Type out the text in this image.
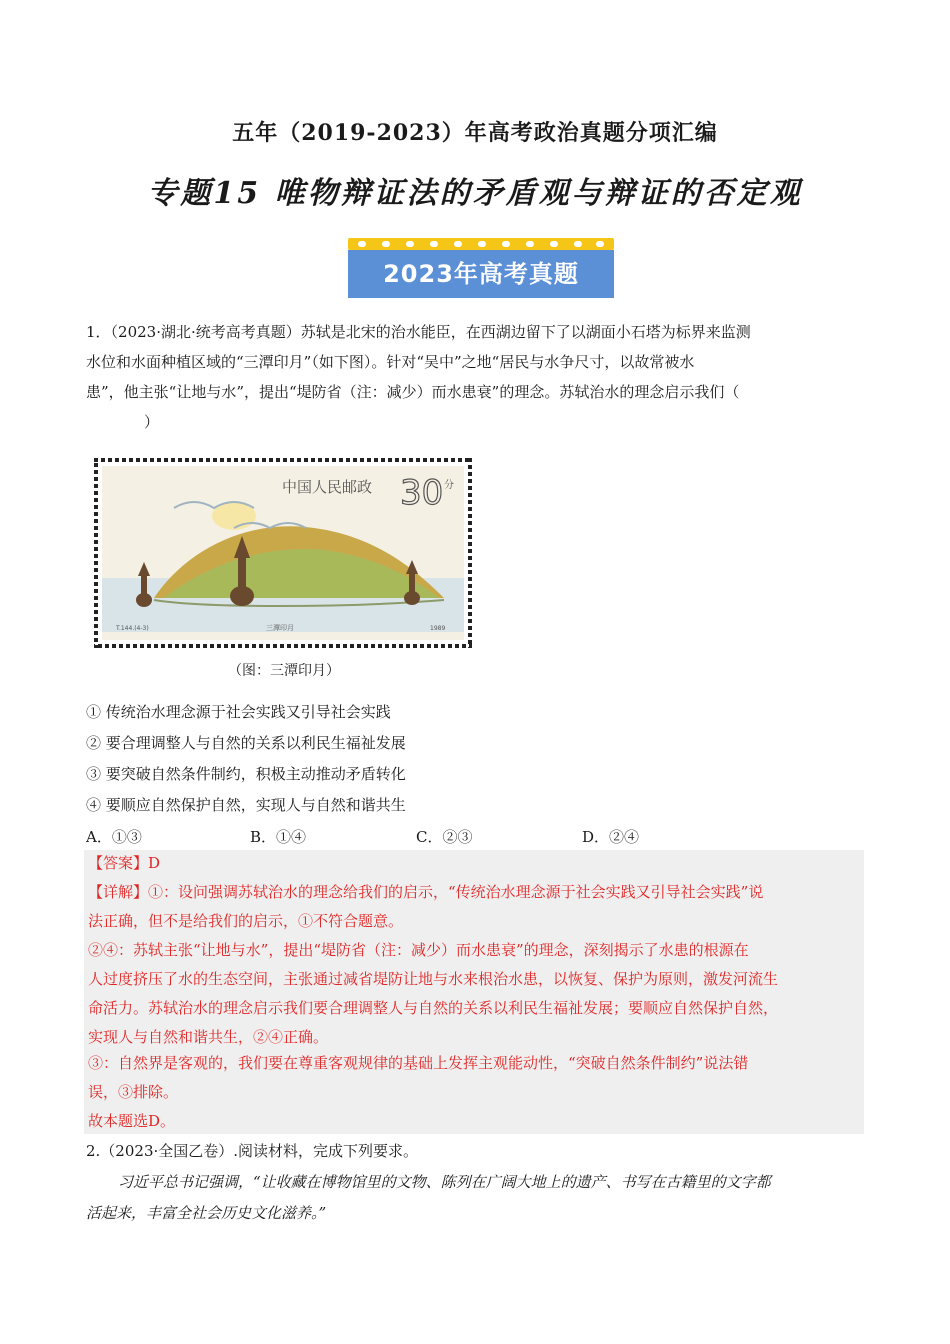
五年（2019-2023）年高考政治真题分项汇编
专题15 唯物辩证法的矛盾观与辩证的否定观
2023年高考真题
1．（2023·湖北·统考高考真题）苏轼是北宋的治水能臣，在西湖边留下了以湖面小石塔为标界来监测
水位和水面种植区域的“三潭印月”（如下图）。针对“吴中”之地“居民与水争尺寸，以故常被水
患”，他主张“让地与水”，提出“堤防省（注：减少）而水患衰”的理念。苏轼治水的理念启示我们（
）
中国人民邮政 30 分
T.144.(4-3)	三潭印月	1989
（图：三潭印月）
① 传统治水理念源于社会实践又引导社会实践
② 要合理调整人与自然的关系以利民生福祉发展
③ 要突破自然条件制约，积极主动推动矛盾转化
④ 要顺应自然保护自然，实现人与自然和谐共生
A．①③	B．①④	C．②③	D．②④
【答案】D
【详解】①：设问强调苏轼治水的理念给我们的启示，“传统治水理念源于社会实践又引导社会实践”说
法正确，但不是给我们的启示，①不符合题意。
②④：苏轼主张“让地与水”，提出“堤防省（注：减少）而水患衰”的理念，深刻揭示了水患的根源在
人过度挤压了水的生态空间，主张通过减省堤防让地与水来根治水患，以恢复、保护为原则，激发河流生
命活力。苏轼治水的理念启示我们要合理调整人与自然的关系以利民生福祉发展；要顺应自然保护自然，
实现人与自然和谐共生，②④正确。
③：自然界是客观的，我们要在尊重客观规律的基础上发挥主观能动性，“突破自然条件制约”说法错
误，③排除。
故本题选D。
2.（2023·全国乙卷）.阅读材料，完成下列要求。
习近平总书记强调，“让收藏在博物馆里的文物、陈列在广阔大地上的遗产、书写在古籍里的文字都
活起来，丰富全社会历史文化滋养。”
